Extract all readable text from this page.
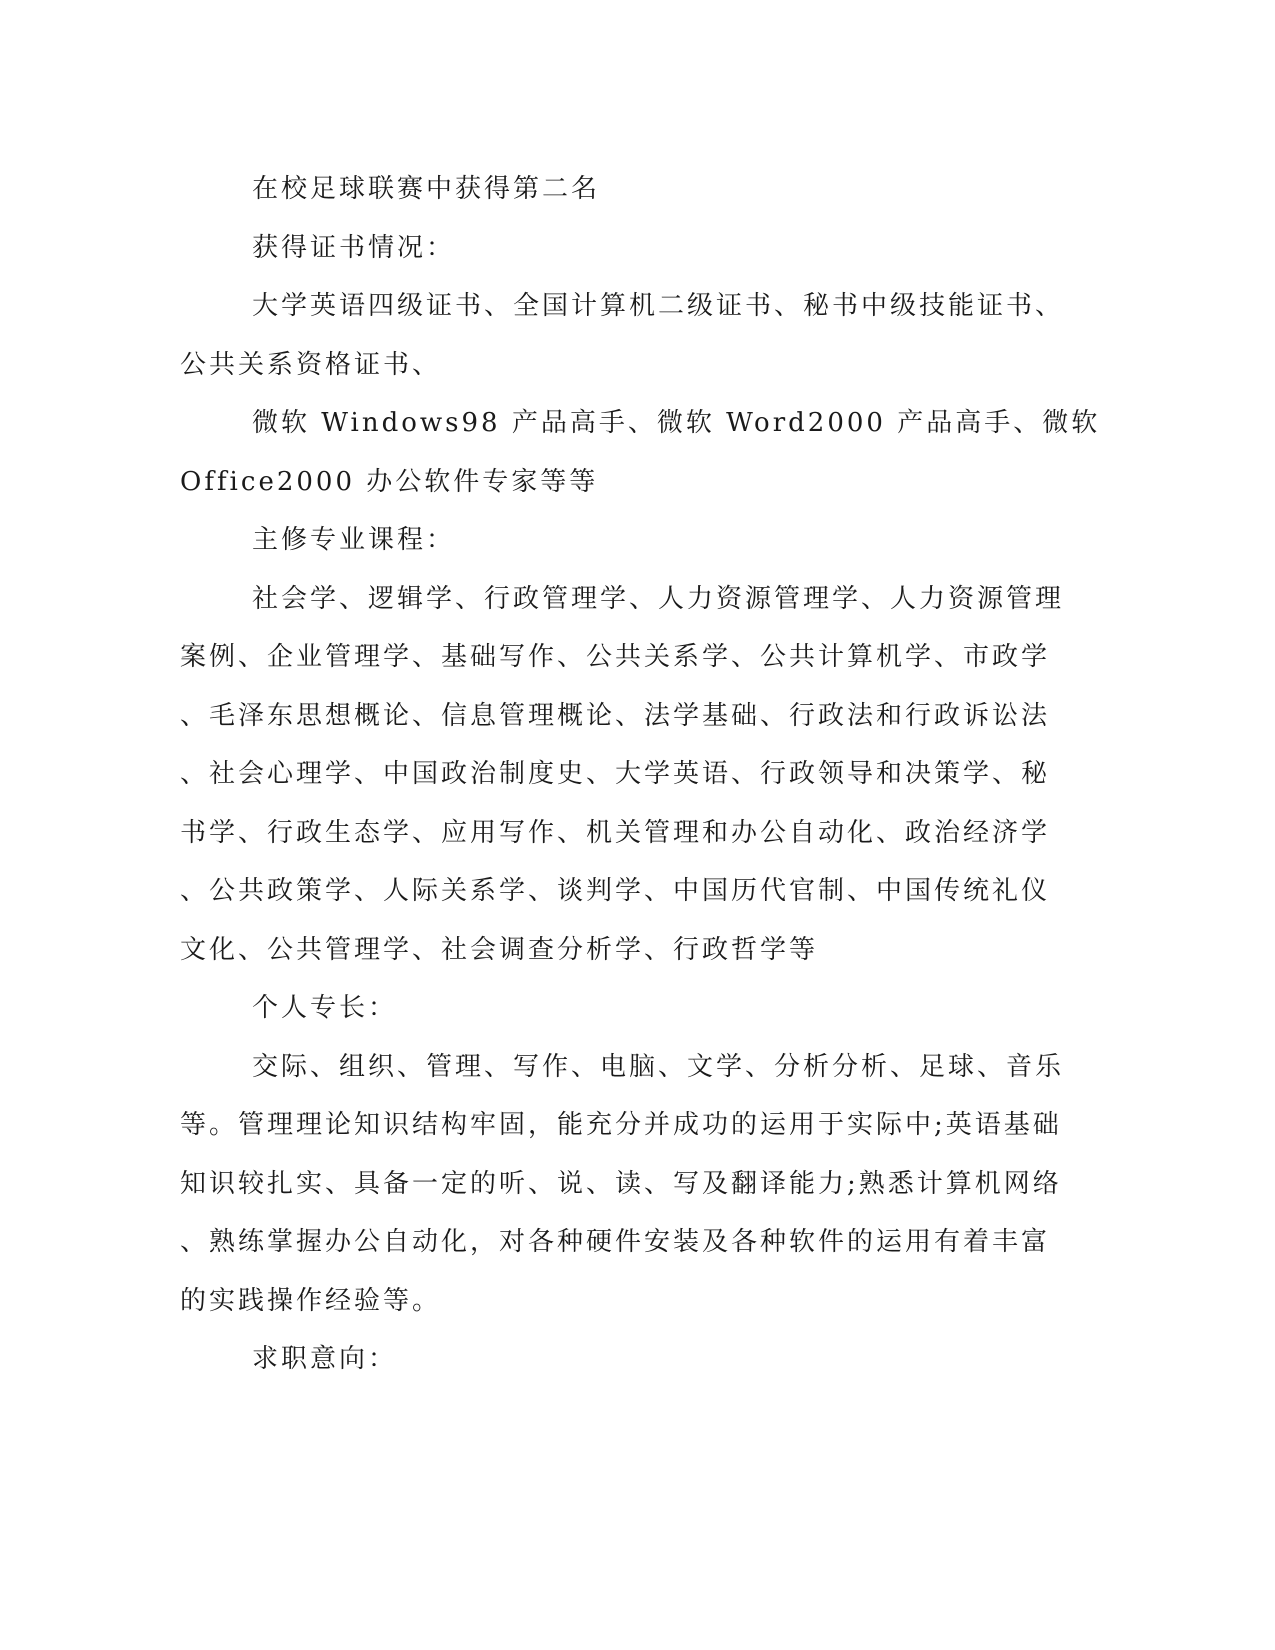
在校足球联赛中获得第二名
获得证书情况：
大学英语四级证书、全国计算机二级证书、秘书中级技能证书、
公共关系资格证书、
微软 Windows98 产品高手、微软 Word2000 产品高手、微软
Office2000 办公软件专家等等
主修专业课程：
社会学、逻辑学、行政管理学、人力资源管理学、人力资源管理
案例、企业管理学、基础写作、公共关系学、公共计算机学、市政学
、毛泽东思想概论、信息管理概论、法学基础、行政法和行政诉讼法
、社会心理学、中国政治制度史、大学英语、行政领导和决策学、秘
书学、行政生态学、应用写作、机关管理和办公自动化、政治经济学
、公共政策学、人际关系学、谈判学、中国历代官制、中国传统礼仪
文化、公共管理学、社会调查分析学、行政哲学等
个人专长：
交际、组织、管理、写作、电脑、文学、分析分析、足球、音乐
等。管理理论知识结构牢固，能充分并成功的运用于实际中;英语基础
知识较扎实、具备一定的听、说、读、写及翻译能力;熟悉计算机网络
、熟练掌握办公自动化，对各种硬件安装及各种软件的运用有着丰富
的实践操作经验等。
求职意向：
